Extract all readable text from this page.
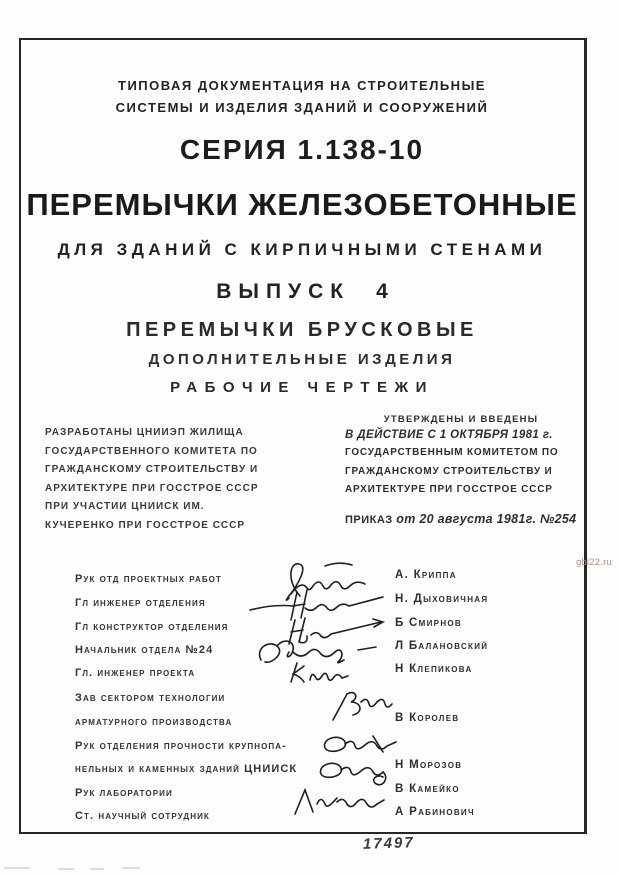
ТИПОВАЯ ДОКУМЕНТАЦИЯ НА СТРОИТЕЛЬНЫЕ
СИСТЕМЫ И ИЗДЕЛИЯ ЗДАНИЙ И СООРУЖЕНИЙ
СЕРИЯ 1.138-10
ПЕРЕМЫЧКИ ЖЕЛЕЗОБЕТОННЫЕ
ДЛЯ ЗДАНИЙ С КИРПИЧНЫМИ СТЕНАМИ
ВЫПУСК 4
ПЕРЕМЫЧКИ БРУСКОВЫЕ
ДОПОЛНИТЕЛЬНЫЕ ИЗДЕЛИЯ
РАБОЧИЕ ЧЕРТЕЖИ
РАЗРАБОТАНЫ ЦНИИЭП ЖИЛИЩА
ГОСУДАРСТВЕННОГО КОМИТЕТА ПО
ГРАЖДАНСКОМУ СТРОИТЕЛЬСТВУ И
АРХИТЕКТУРЕ ПРИ ГОССТРОЕ СССР
ПРИ УЧАСТИИ ЦНИИСК ИМ.
КУЧЕРЕНКО ПРИ ГОССТРОЕ СССР
УТВЕРЖДЕНЫ И ВВЕДЕНЫ
В ДЕЙСТВИЕ С 1 ОКТЯБРЯ 1981 г.
ГОСУДАРСТВЕННЫМ КОМИТЕТОМ ПО
ГРАЖДАНСКОМУ СТРОИТЕЛЬСТВУ И
АРХИТЕКТУРЕ ПРИ ГОССТРОЕ СССР
ПРИКАЗ от 20 августа 1981г. №254
Рук отд проектных работ	А. Криппа
Гл инженер отделения	Н. Дыховичная
Гл конструктор отделения	Б Смирнов
Начальник отдела №24	Л Балановский
Гл. инженер проекта	Н Клепикова
Зав сектором технологии
арматурного производства	В Королев
Рук отделения прочности крупнопа-
нельных и каменных зданий ЦНИИСК	Н Морозов
Рук лаборатории	В Камейко
Ст. научный сотрудник	А Рабинович
17497
gbi22.ru
